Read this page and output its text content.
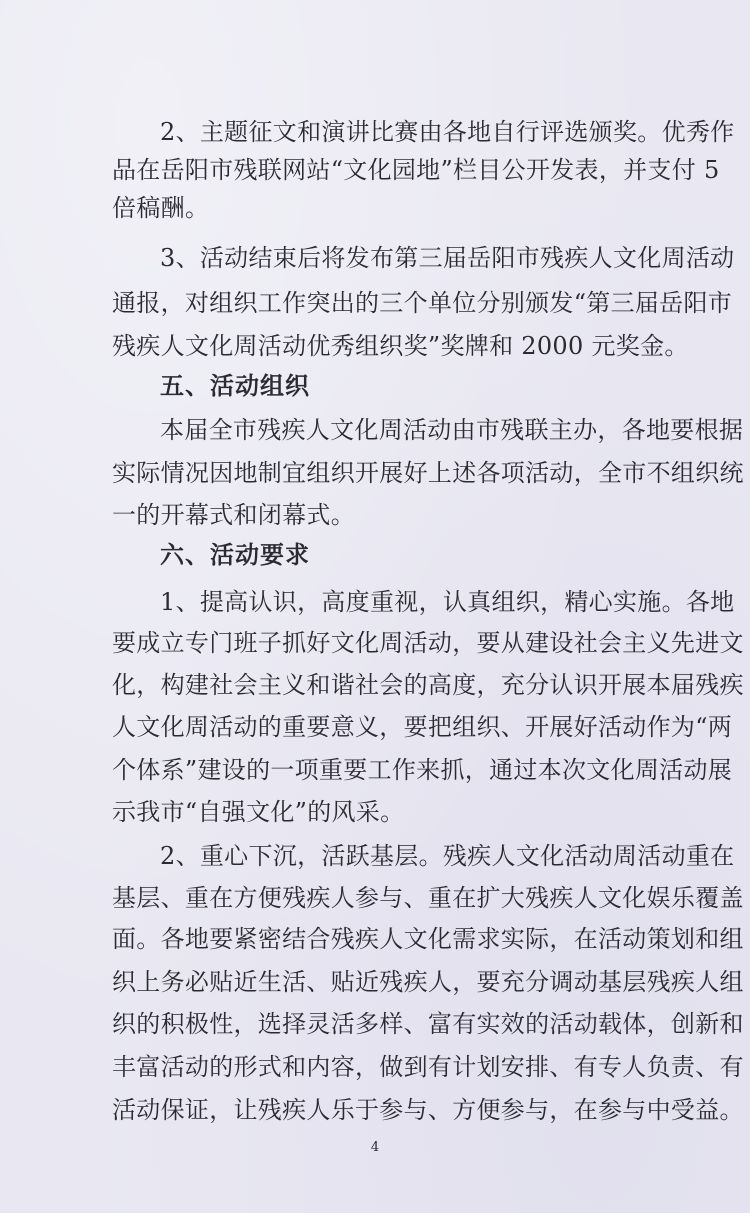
2、主题征文和演讲比赛由各地自行评选颁奖。优秀作
品在岳阳市残联网站“文化园地”栏目公开发表，并支付 5
倍稿酬。
3、活动结束后将发布第三届岳阳市残疾人文化周活动
通报，对组织工作突出的三个单位分别颁发“第三届岳阳市
残疾人文化周活动优秀组织奖”奖牌和 2000 元奖金。
五、活动组织
本届全市残疾人文化周活动由市残联主办，各地要根据
实际情况因地制宜组织开展好上述各项活动，全市不组织统
一的开幕式和闭幕式。
六、活动要求
1、提高认识，高度重视，认真组织，精心实施。各地
要成立专门班子抓好文化周活动，要从建设社会主义先进文
化，构建社会主义和谐社会的高度，充分认识开展本届残疾
人文化周活动的重要意义，要把组织、开展好活动作为“两
个体系”建设的一项重要工作来抓，通过本次文化周活动展
示我市“自强文化”的风采。
2、重心下沉，活跃基层。残疾人文化活动周活动重在
基层、重在方便残疾人参与、重在扩大残疾人文化娱乐覆盖
面。各地要紧密结合残疾人文化需求实际，在活动策划和组
织上务必贴近生活、贴近残疾人，要充分调动基层残疾人组
织的积极性，选择灵活多样、富有实效的活动载体，创新和
丰富活动的形式和内容，做到有计划安排、有专人负责、有
活动保证，让残疾人乐于参与、方便参与，在参与中受益。
4
